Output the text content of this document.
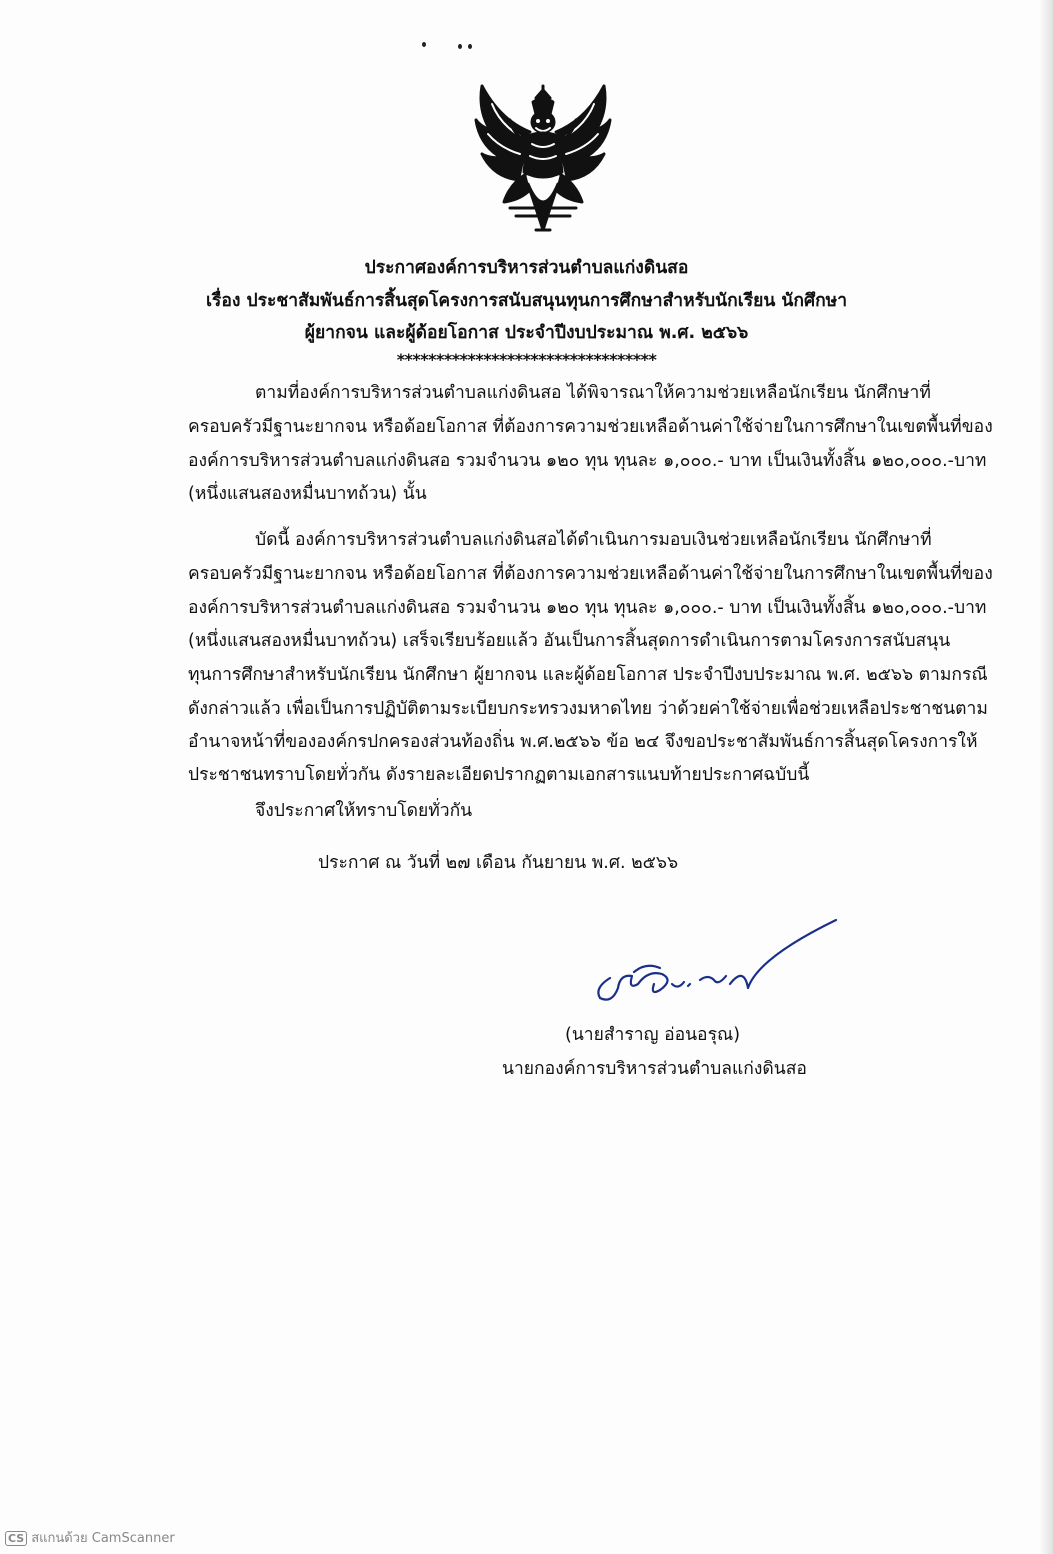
ประกาศองค์การบริหารส่วนตำบลแก่งดินสอ
เรื่อง ประชาสัมพันธ์การสิ้นสุดโครงการสนับสนุนทุนการศึกษาสำหรับนักเรียน นักศึกษา
ผู้ยากจน และผู้ด้อยโอกาส ประจำปีงบประมาณ พ.ศ. ๒๕๖๖
*********************************
ตามที่องค์การบริหารส่วนตำบลแก่งดินสอ ได้พิจารณาให้ความช่วยเหลือนักเรียน นักศึกษาที่
ครอบครัวมีฐานะยากจน หรือด้อยโอกาส ที่ต้องการความช่วยเหลือด้านค่าใช้จ่ายในการศึกษาในเขตพื้นที่ของ
องค์การบริหารส่วนตำบลแก่งดินสอ รวมจำนวน ๑๒๐ ทุน ทุนละ ๑,๐๐๐.- บาท เป็นเงินทั้งสิ้น ๑๒๐,๐๐๐.-บาท
(หนึ่งแสนสองหมื่นบาทถ้วน) นั้น
บัดนี้ องค์การบริหารส่วนตำบลแก่งดินสอได้ดำเนินการมอบเงินช่วยเหลือนักเรียน นักศึกษาที่
ครอบครัวมีฐานะยากจน หรือด้อยโอกาส ที่ต้องการความช่วยเหลือด้านค่าใช้จ่ายในการศึกษาในเขตพื้นที่ของ
องค์การบริหารส่วนตำบลแก่งดินสอ รวมจำนวน ๑๒๐ ทุน ทุนละ ๑,๐๐๐.- บาท เป็นเงินทั้งสิ้น ๑๒๐,๐๐๐.-บาท
(หนึ่งแสนสองหมื่นบาทถ้วน) เสร็จเรียบร้อยแล้ว อันเป็นการสิ้นสุดการดำเนินการตามโครงการสนับสนุน
ทุนการศึกษาสำหรับนักเรียน นักศึกษา ผู้ยากจน และผู้ด้อยโอกาส ประจำปีงบประมาณ พ.ศ. ๒๕๖๖ ตามกรณี
ดังกล่าวแล้ว เพื่อเป็นการปฏิบัติตามระเบียบกระทรวงมหาดไทย ว่าด้วยค่าใช้จ่ายเพื่อช่วยเหลือประชาชนตาม
อำนาจหน้าที่ขององค์กรปกครองส่วนท้องถิ่น พ.ศ.๒๕๖๖ ข้อ ๒๔ จึงขอประชาสัมพันธ์การสิ้นสุดโครงการให้
ประชาชนทราบโดยทั่วกัน ดังรายละเอียดปรากฏตามเอกสารแนบท้ายประกาศฉบับนี้
จึงประกาศให้ทราบโดยทั่วกัน
ประกาศ ณ วันที่ ๒๗ เดือน กันยายน พ.ศ. ๒๕๖๖
(นายสำราญ อ่อนอรุณ)
นายกองค์การบริหารส่วนตำบลแก่งดินสอ
CS สแกนด้วย CamScanner
